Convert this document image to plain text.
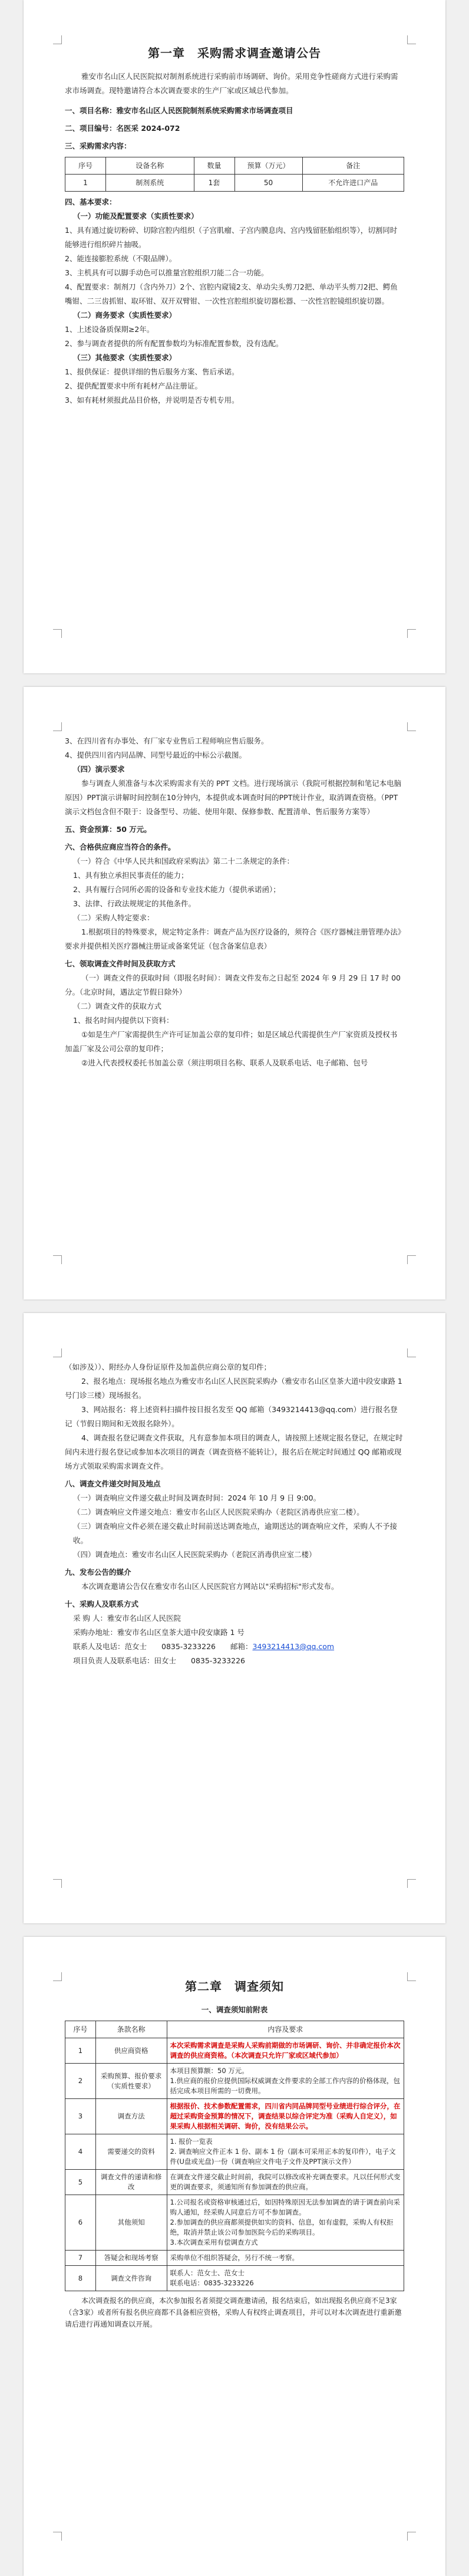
第一章　采购需求调查邀请公告
雅安市名山区人民医院拟对制剂系统进行采购前市场调研、询价。采用竞争性磋商方式进行采购需求市场调查。现特邀请符合本次调查要求的生产厂家或区域总代参加。
一、项目名称：雅安市名山区人民医院制剂系统采购需求市场调查项目
二、项目编号：名医采 2024-072
三、采购需求内容：
序号	设备名称	数量	预算（万元）	备注
1	制剂系统	1套	50	不允许进口产品
四、基本要求：
（一）功能及配置要求（实质性要求）
1、具有通过旋切粉碎、切除宫腔内组织（子宫肌瘤、子宫内膜息肉、宫内残留胚胎组织等），切割同时能够进行组织碎片抽吸。
2、能连接膨腔系统（不限品牌）。
3、主机具有可以脚手动色可以推量宫腔组织刀能二合一功能。
4、配置要求：制剂刀（含内外刀）2个、宫腔内窥镜2支、单动尖头剪刀2把、单动平头剪刀2把、鳄鱼嘴钳、二三齿抓钳、取环钳、双开双臂钳、一次性宫腔组织旋切器松器、一次性宫腔镜组织旋切器。
（二）商务要求（实质性要求）
1、上述设备质保期≥2年。
2、参与调查者提供的所有配置参数均为标准配置参数，没有选配。
（三）其他要求（实质性要求）
1、报供保证：提供详细的售后服务方案、售后承诺。
2、提供配置要求中所有耗材产品注册证。
3、如有耗材须报此品目价格，并说明是否专机专用。
3、在四川省有办事处、有厂家专业售后工程师响应售后服务。
4、提供四川省内同品牌、同型号最近的中标公示截图。
（四）演示要求
参与调查人须准备与本次采购需求有关的 PPT 文档。进行现场演示（我院可根据控制和笔记本电脑原因）PPT演示讲解时间控制在10分钟内，本提供或本调查时间的PPT统计作业，取消调查资格。（PPT演示文档包含但不限于：设备型号、功能、使用年限、保修参数、配置清单、售后服务方案等）
五、资金预算：50 万元。
六、合格供应商应当符合的条件。
（一）符合《中华人民共和国政府采购法》第二十二条规定的条件：
1、具有独立承担民事责任的能力；
2、具有履行合同所必需的设备和专业技术能力（提供承诺函）；
3、法律、行政法规规定的其他条件。
（二）采购人特定要求：
1.根据项目的特殊要求，规定特定条件：调查产品为医疗设备的，须符合《医疗器械注册管理办法》要求并提供相关医疗器械注册证或备案凭证（包含备案信息表）
七、领取调查文件时间及获取方式
（一）调查文件的获取时间（即报名时间）：调查文件发布之日起至 2024 年 9 月 29 日 17 时 00 分。（北京时间，遇法定节假日除外）
（二）调查文件的获取方式
1、报名时间内提供以下资料：
①如是生产厂家需提供生产许可证加盖公章的复印件；如是区域总代需提供生产厂家资质及授权书加盖厂家及公司公章的复印件；
②进入代表授权委托书加盖公章（须注明项目名称、联系人及联系电话、电子邮箱、包号
（如涉及））、附经办人身份证原件及加盖供应商公章的复印件；
2、报名地点：现场报名地点为雅安市名山区人民医院采购办（雅安市名山区皇茶大道中段安康路 1 号门诊三楼）现场报名。
3、网站报名：将上述资料扫描件按目报名发至 QQ 邮箱（3493214413@qq.com）进行报名登记（节假日期间和无效报名除外）。
4、调查报名登记调查文件获取，凡有意参加本项目的调查人，请按照上述规定报名登记，在规定时间内未进行报名登记或参加本次项目的调查（调查资格不能转让），报名后在规定时间通过 QQ 邮箱或现场方式领取采购需求调查文件。
八、调查文件递交时间及地点
（一）调查响应文件递交截止时间及调查时间：2024 年 10 月 9 日 9:00。
（二）调查响应文件递交地点：雅安市名山区人民医院采购办（老院区消毒供应室二楼）。
（三）调查响应文件必须在递交截止时间前送达调查地点，逾期送达的调查响应文件，采购人不予接收。
（四）调查地点：雅安市名山区人民医院采购办（老院区消毒供应室二楼）
九、发布公告的媒介
本次调查邀请公告仅在雅安市名山区人民医院官方网站以"采购招标"形式发布。
十、采购人及联系方式
采 购 人：雅安市名山区人民医院
采购办地址：雅安市名山区皇茶大道中段安康路 1 号
联系人及电话：范女士　　0835-3233226　　邮箱：3493214413@qq.com
项目负责人及联系电话：田女士　　0835-3233226
第二章　调查须知
一、调查须知前附表
序号	条款名称	内容及要求
1	供应商资格	本次采购需求调查是采购人采购前期做的市场调研、询价、并非确定报价本次调查的供应商资格。（本次调查只允许厂家或区域代参加）
2	采购预算、报价要求（实质性要求）	本项目预算额：50 万元。
1.供应商的报价应提供国际权威调查文件要求的全部工作内容的价格体现，包括完成本项目所需的一切费用。
3	调查方法	根据报价、技术参数配置需求，四川省内同品牌同型号业绩进行综合评分，在超过采购资金预算的情况下，调查结果以综合评定为准（采购人自定义），如果采购人根据相关调研、询价，没有结果公示。
4	需要递交的资料	1. 报价一览表
2. 调查响应文件正本 1 份、副本 1 份（副本可采用正本的复印件），电子文件(U盘或光盘)一份（调查响应文件电子文件及PPT演示文件）
5	调查文件的递请和修改	在调查文件递交截止时间前，我院可以修改或补充调查要求。凡以任何形式变更的调查要求，须通知所有参加调查的供应商。
6	其他须知	1.公司报名或资格审核通过后，如因特殊原因无法参加调查的请于调查前向采购人通知，经采购人同意后方可不参加调查。
2.参加调查的供应商都须提供如实的资料、信息，如有虚假，采购人有权拒绝，取消并禁止该公司参加医院今后的采购项目。
3.本次调查采用有偿调查方式
7	答疑会和现场考察	采购单位不组织答疑会，另行不统一考察。
8	调查文件咨询	联系人：范女士、范女士
联系电话：0835-3233226
本次调查报名的供应商，本次参加报名者须提交调查邀请函，报名结束后，如出现报名供应商不足3家（含3家）或者所有报名供应商都不具备相应资格，采购人有权终止调查项目，并可以对本次调查进行重新邀请后进行再通知调查以开展。
